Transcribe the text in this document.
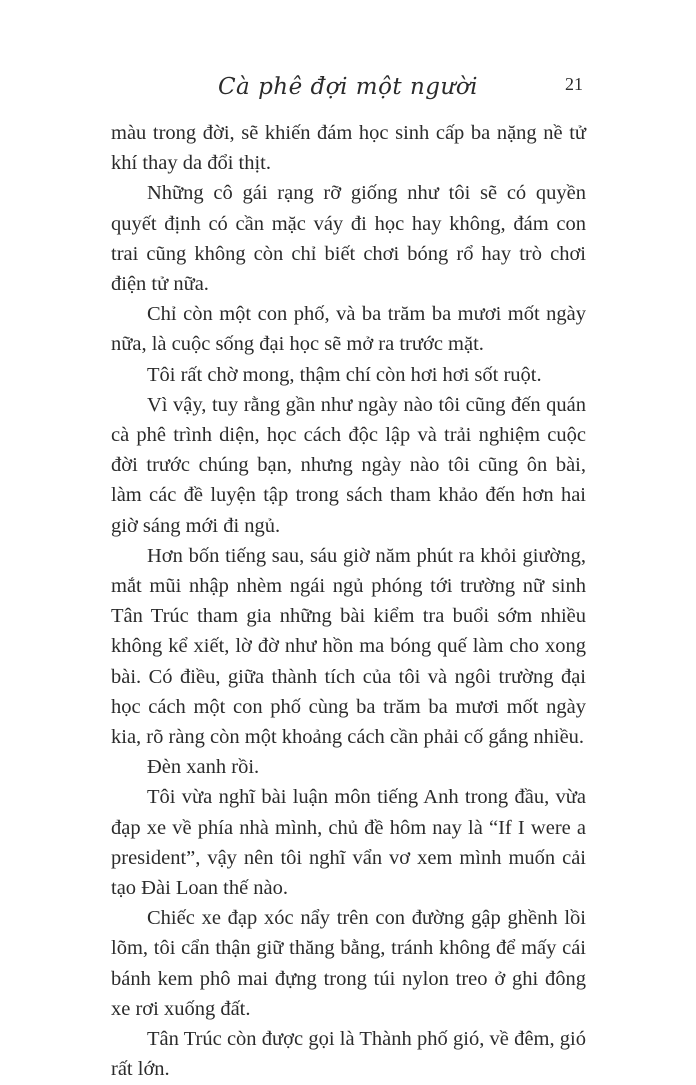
Cà phê đợi một người	21

màu trong đời, sẽ khiến đám học sinh cấp ba nặng nề tử khí thay da đổi thịt.

Những cô gái rạng rỡ giống như tôi sẽ có quyền quyết định có cần mặc váy đi học hay không, đám con trai cũng không còn chỉ biết chơi bóng rổ hay trò chơi điện tử nữa.

Chỉ còn một con phố, và ba trăm ba mươi mốt ngày nữa, là cuộc sống đại học sẽ mở ra trước mặt.

Tôi rất chờ mong, thậm chí còn hơi hơi sốt ruột.

Vì vậy, tuy rằng gần như ngày nào tôi cũng đến quán cà phê trình diện, học cách độc lập và trải nghiệm cuộc đời trước chúng bạn, nhưng ngày nào tôi cũng ôn bài, làm các đề luyện tập trong sách tham khảo đến hơn hai giờ sáng mới đi ngủ.

Hơn bốn tiếng sau, sáu giờ năm phút ra khỏi giường, mắt mũi nhập nhèm ngái ngủ phóng tới trường nữ sinh Tân Trúc tham gia những bài kiểm tra buổi sớm nhiều không kể xiết, lờ đờ như hồn ma bóng quế làm cho xong bài. Có điều, giữa thành tích của tôi và ngôi trường đại học cách một con phố cùng ba trăm ba mươi mốt ngày kia, rõ ràng còn một khoảng cách cần phải cố gắng nhiều.

Đèn xanh rồi.

Tôi vừa nghĩ bài luận môn tiếng Anh trong đầu, vừa đạp xe về phía nhà mình, chủ đề hôm nay là “If I were a president”, vậy nên tôi nghĩ vẩn vơ xem mình muốn cải tạo Đài Loan thế nào.

Chiếc xe đạp xóc nẩy trên con đường gập ghềnh lồi lõm, tôi cẩn thận giữ thăng bằng, tránh không để mấy cái bánh kem phô mai đựng trong túi nylon treo ở ghi đông xe rơi xuống đất.

Tân Trúc còn được gọi là Thành phố gió, về đêm, gió rất lớn.
